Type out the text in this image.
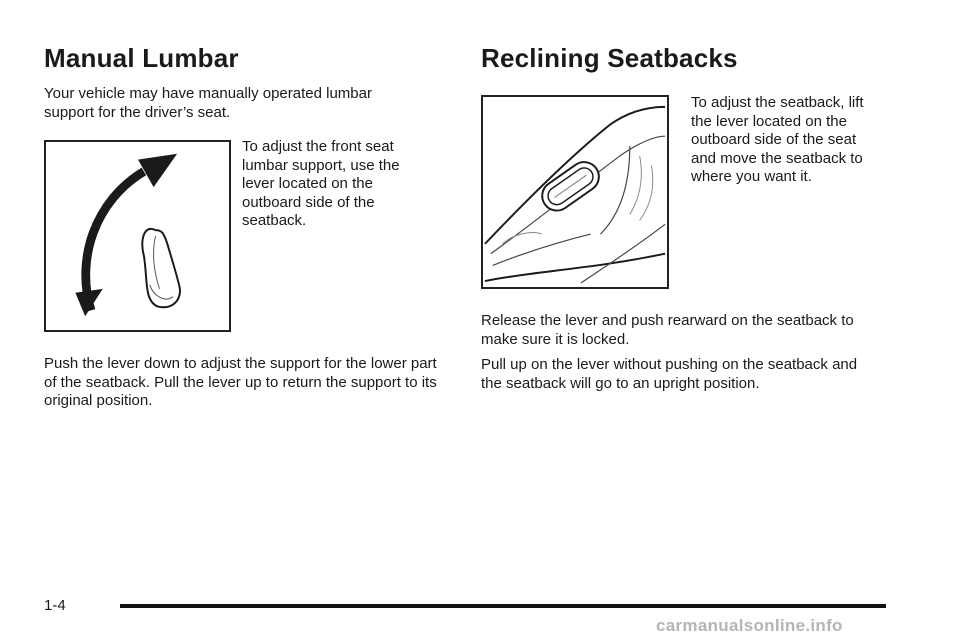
Manual Lumbar

Your vehicle may have manually operated lumbar support for the driver’s seat.

To adjust the front seat lumbar support, use the lever located on the outboard side of the seatback.

Push the lever down to adjust the support for the lower part of the seatback. Pull the lever up to return the support to its original position.

Reclining Seatbacks

To adjust the seatback, lift the lever located on the outboard side of the seat and move the seatback to where you want it.

Release the lever and push rearward on the seatback to make sure it is locked.

Pull up on the lever without pushing on the seatback and the seatback will go to an upright position.

1-4
carmanualsonline.info
